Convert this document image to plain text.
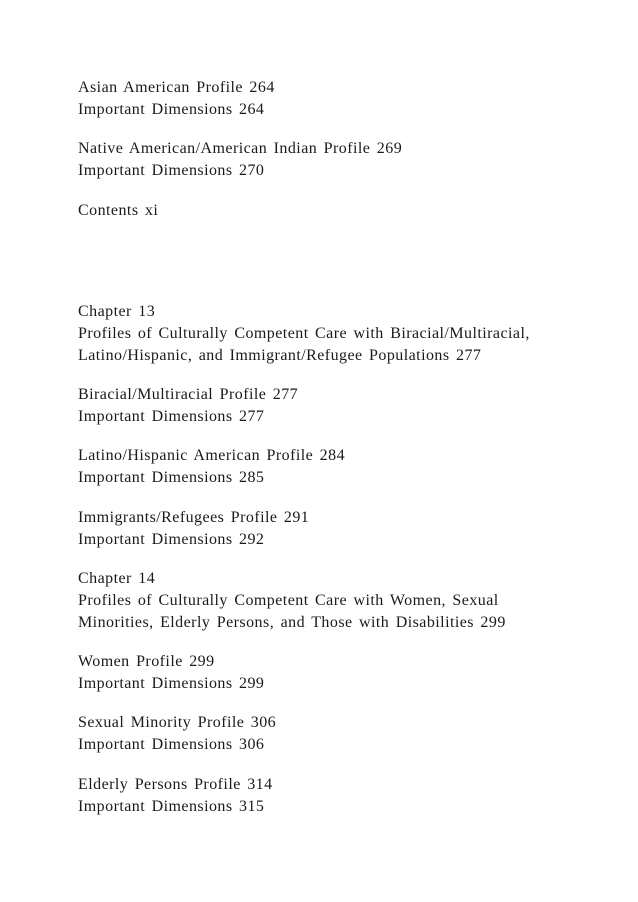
Asian American Profile 264
Important Dimensions 264
Native American/American Indian Profile 269
Important Dimensions 270
Contents xi
Chapter 13
Profiles of Culturally Competent Care with Biracial/Multiracial,
Latino/Hispanic, and Immigrant/Refugee Populations 277
Biracial/Multiracial Profile 277
Important Dimensions 277
Latino/Hispanic American Profile 284
Important Dimensions 285
Immigrants/Refugees Profile 291
Important Dimensions 292
Chapter 14
Profiles of Culturally Competent Care with Women, Sexual
Minorities, Elderly Persons, and Those with Disabilities 299
Women Profile 299
Important Dimensions 299
Sexual Minority Profile 306
Important Dimensions 306
Elderly Persons Profile 314
Important Dimensions 315
